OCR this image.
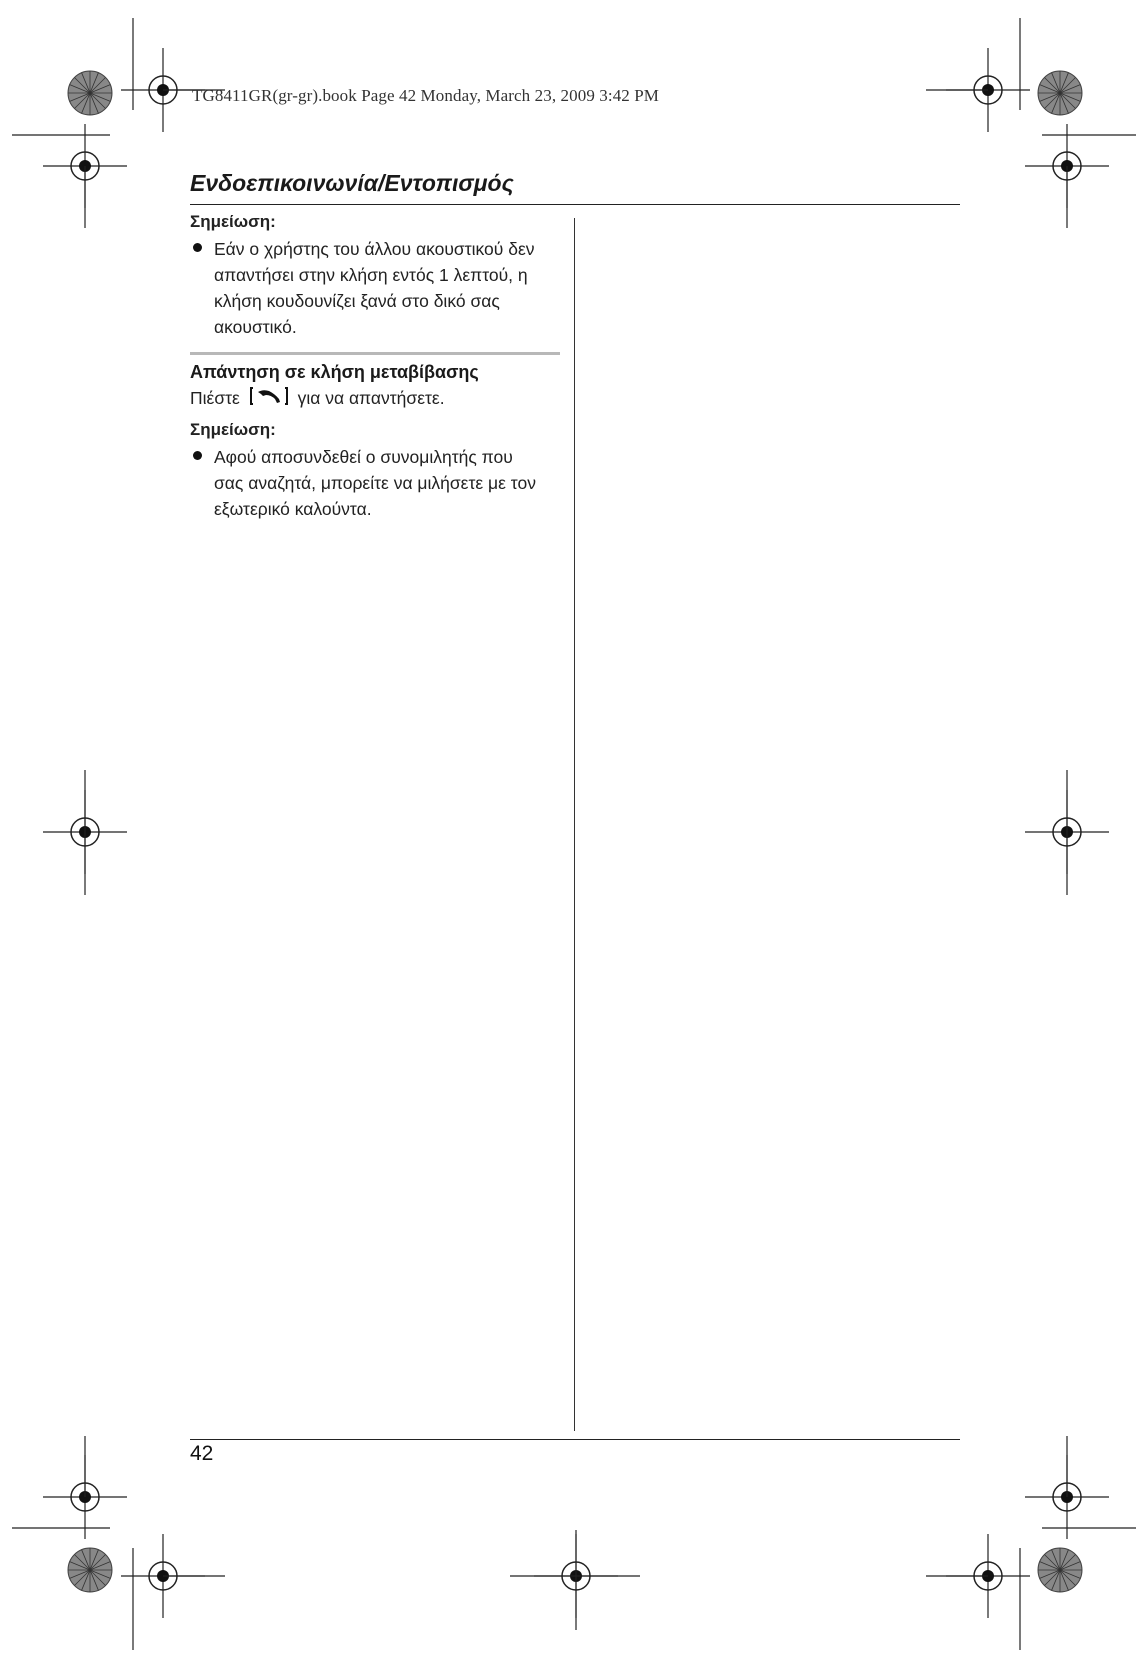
TG8411GR(gr-gr).book Page 42 Monday, March 23, 2009 3:42 PM
Ενδοεπικοινωνία/Εντοπισμός

Σημείωση:

Εάν ο χρήστης του άλλου ακουστικού δεν
απαντήσει στην κλήση εντός 1 λεπτού, η
κλήση κουδουνίζει ξανά στο δικό σας
ακουστικό.

Απάντηση σε κλήση μεταβίβασης

Πιέστε	για να απαντήσετε.

Σημείωση:

Αφού αποσυνδεθεί ο συνομιλητής που
σας αναζητά, μπορείτε να μιλήσετε με τον
εξωτερικό καλούντα.
42
